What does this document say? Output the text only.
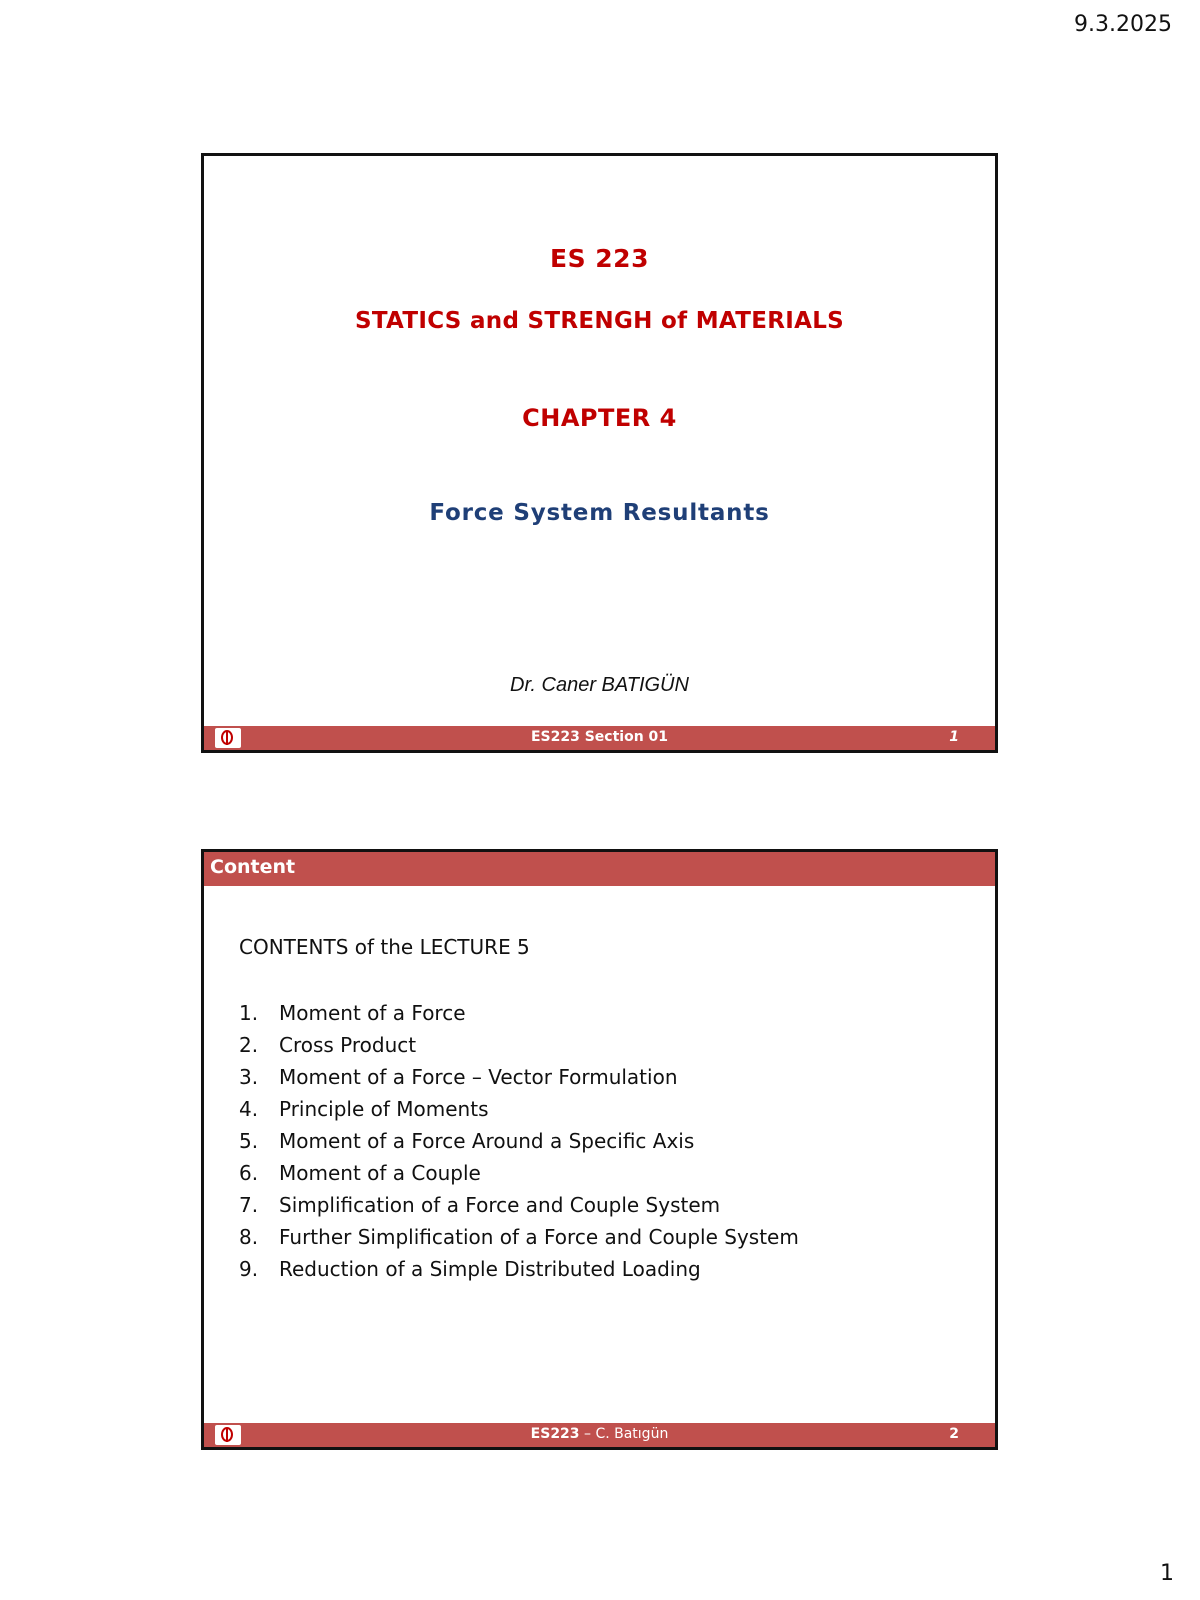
9.3.2025
ES 223
STATICS and STRENGH of MATERIALS
CHAPTER 4
Force System Resultants
Dr. Caner BATIGÜN
ES223 Section 01	1
Content
CONTENTS of the LECTURE 5
1. Moment of a Force
2. Cross Product
3. Moment of a Force – Vector Formulation
4. Principle of Moments
5. Moment of a Force Around a Specific Axis
6. Moment of a Couple
7. Simplification of a Force and Couple System
8. Further Simplification of a Force and Couple System
9. Reduction of a Simple Distributed Loading
ES223 – C. Batıgün	2
1
